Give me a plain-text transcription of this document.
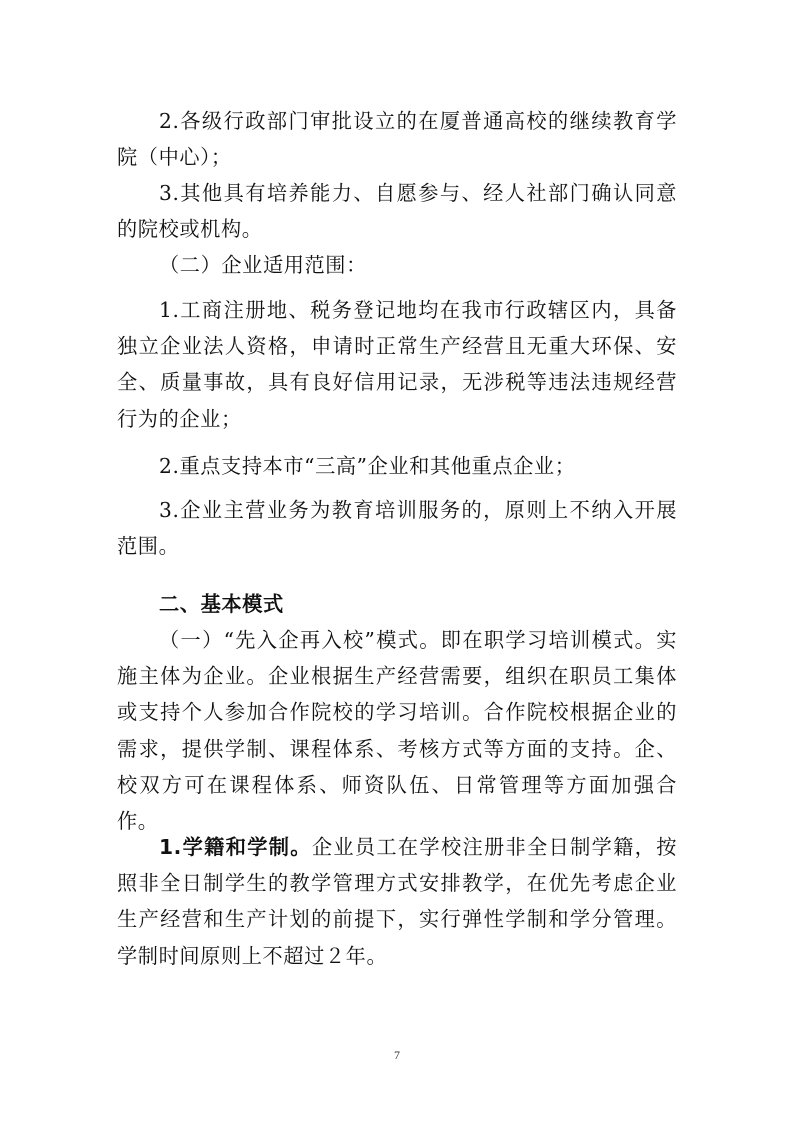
2.各级行政部门审批设立的在厦普通高校的继续教育学院（中心）；

3.其他具有培养能力、自愿参与、经人社部门确认同意的院校或机构。

（二）企业适用范围：

1.工商注册地、税务登记地均在我市行政辖区内，具备独立企业法人资格，申请时正常生产经营且无重大环保、安全、质量事故，具有良好信用记录，无涉税等违法违规经营行为的企业；

2.重点支持本市“三高”企业和其他重点企业；

3.企业主营业务为教育培训服务的，原则上不纳入开展范围。

二、基本模式

（一）“先入企再入校”模式。即在职学习培训模式。实施主体为企业。企业根据生产经营需要，组织在职员工集体或支持个人参加合作院校的学习培训。合作院校根据企业的需求，提供学制、课程体系、考核方式等方面的支持。企、校双方可在课程体系、师资队伍、日常管理等方面加强合作。

1.学籍和学制。企业员工在学校注册非全日制学籍，按照非全日制学生的教学管理方式安排教学，在优先考虑企业生产经营和生产计划的前提下，实行弹性学制和学分管理。学制时间原则上不超过２年。

7
